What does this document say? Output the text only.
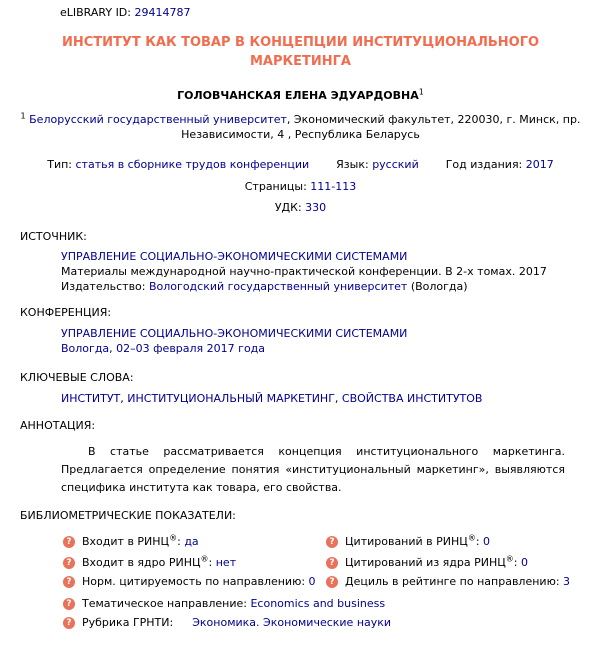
eLIBRARY ID: 29414787
ИНСТИТУТ КАК ТОВАР В КОНЦЕПЦИИ ИНСТИТУЦИОНАЛЬНОГО
МАРКЕТИНГА
ГОЛОВЧАНСКАЯ ЕЛЕНА ЭДУАРДОВНА$^1$
$^1$ Белорусский государственный университет, Экономический факультет, 220030, г. Минск, пр.
Независимости, 4 , Республика Беларусь
Тип: статья в сборнике трудов конференции Язык: русский Год издания: 2017
Страницы: 111-113
УДК: 330
ИСТОЧНИК:
УПРАВЛЕНИЕ СОЦИАЛЬНО-ЭКОНОМИЧЕСКИМИ СИСТЕМАМИ
Материалы международной научно-практической конференции. В 2-х томах. 2017
Издательство: Вологодский государственный университет (Вологда)
КОНФЕРЕНЦИЯ:
УПРАВЛЕНИЕ СОЦИАЛЬНО-ЭКОНОМИЧЕСКИМИ СИСТЕМАМИ
Вологда, 02–03 февраля 2017 года
КЛЮЧЕВЫЕ СЛОВА:
ИНСТИТУТ, ИНСТИТУЦИОНАЛЬНЫЙ МАРКЕТИНГ, СВОЙСТВА ИНСТИТУТОВ
АННОТАЦИЯ:
В статье рассматривается концепция институционального маркетинга. Предлагается определение понятия «институциональный маркетинг», выявляются специфика института как товара, его свойства.
БИБЛИОМЕТРИЧЕСКИЕ ПОКАЗАТЕЛИ:
? Входит в РИНЦ®: да
? Входит в ядро РИНЦ®: нет
? Норм. цитируемость по направлению: 0
? Тематическое направление: Economics and business
? Рубрика ГРНТИ: Экономика. Экономические науки
? Цитирований в РИНЦ®: 0
? Цитирований из ядра РИНЦ®: 0
? Дециль в рейтинге по направлению: 3
